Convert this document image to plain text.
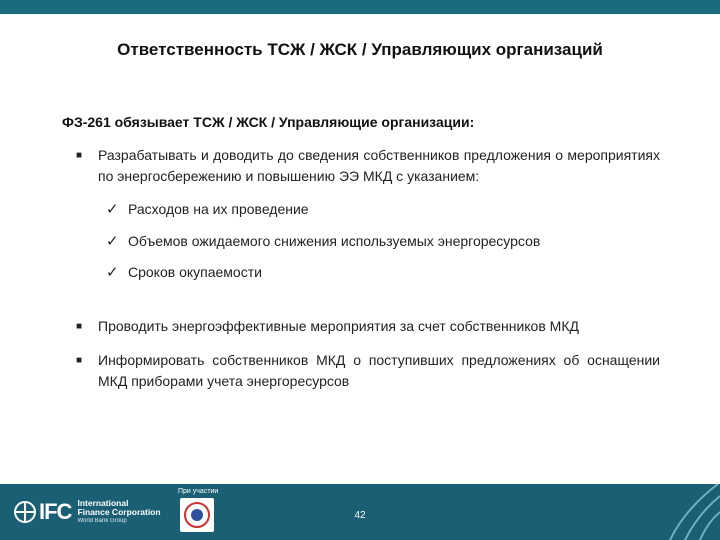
Ответственность ТСЖ / ЖСК / Управляющих организаций
ФЗ-261 обязывает ТСЖ / ЖСК / Управляющие организации:
■ Разрабатывать и доводить до сведения собственников предложения о мероприятиях по энергосбережению и повышению ЭЭ МКД с указанием:
✓ Расходов на их проведение
✓ Объемов ожидаемого снижения используемых энергоресурсов
✓ Сроков окупаемости
■ Проводить энергоэффективные мероприятия за счет собственников МКД
■ Информировать собственников МКД о поступивших предложениях об оснащении МКД приборами учета энергоресурсов
IFC International
Finance Corporation
World Bank Group
При участии
42
